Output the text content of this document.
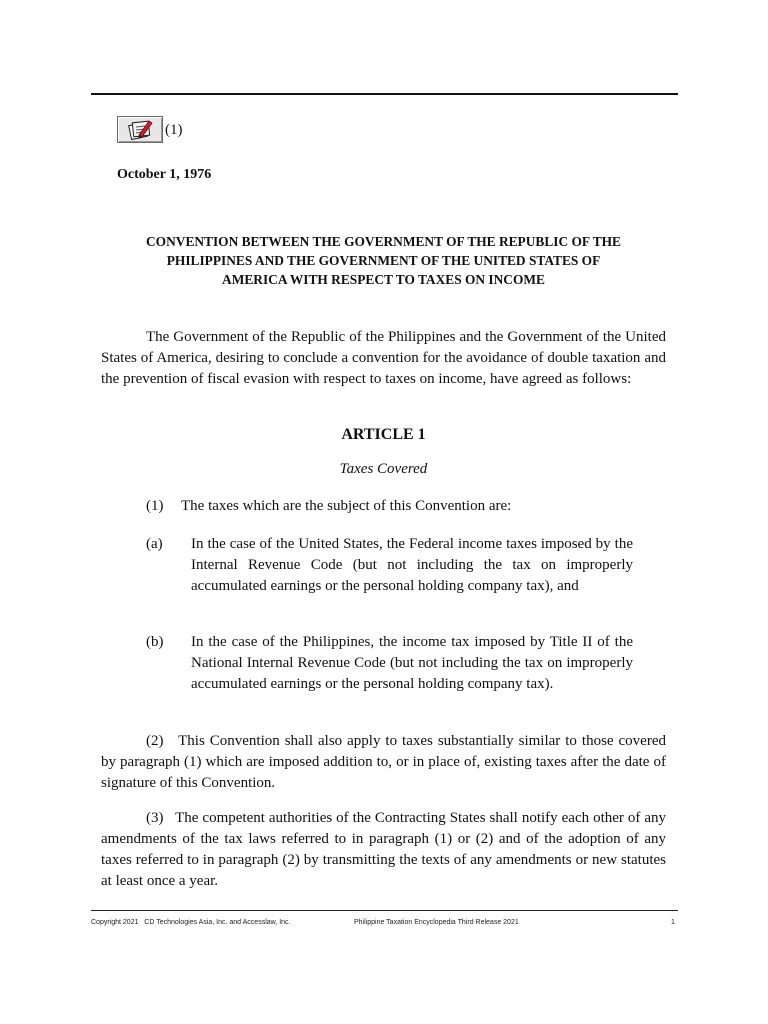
(1)
October 1, 1976
CONVENTION BETWEEN THE GOVERNMENT OF THE REPUBLIC OF THE
PHILIPPINES AND THE GOVERNMENT OF THE UNITED STATES OF
AMERICA WITH RESPECT TO TAXES ON INCOME
The Government of the Republic of the Philippines and the Government of the United States of America, desiring to conclude a convention for the avoidance of double taxation and the prevention of fiscal evasion with respect to taxes on income, have agreed as follows:
ARTICLE 1
Taxes Covered
(1) The taxes which are the subject of this Convention are:
(a) In the case of the United States, the Federal income taxes imposed by the Internal Revenue Code (but not including the tax on improperly accumulated earnings or the personal holding company tax), and
(b) In the case of the Philippines, the income tax imposed by Title II of the National Internal Revenue Code (but not including the tax on improperly accumulated earnings or the personal holding company tax).
(2)   This Convention shall also apply to taxes substantially similar to those covered by paragraph (1) which are imposed addition to, or in place of, existing taxes after the date of signature of this Convention.
(3)   The competent authorities of the Contracting States shall notify each other of any amendments of the tax laws referred to in paragraph (1) or (2) and of the adoption of any taxes referred to in paragraph (2) by transmitting the texts of any amendments or new statutes at least once a year.
Copyright 2021   CD Technologies Asia, Inc. and Accesslaw, Inc.	Philippine Taxation Encyclopedia Third Release 2021	1
